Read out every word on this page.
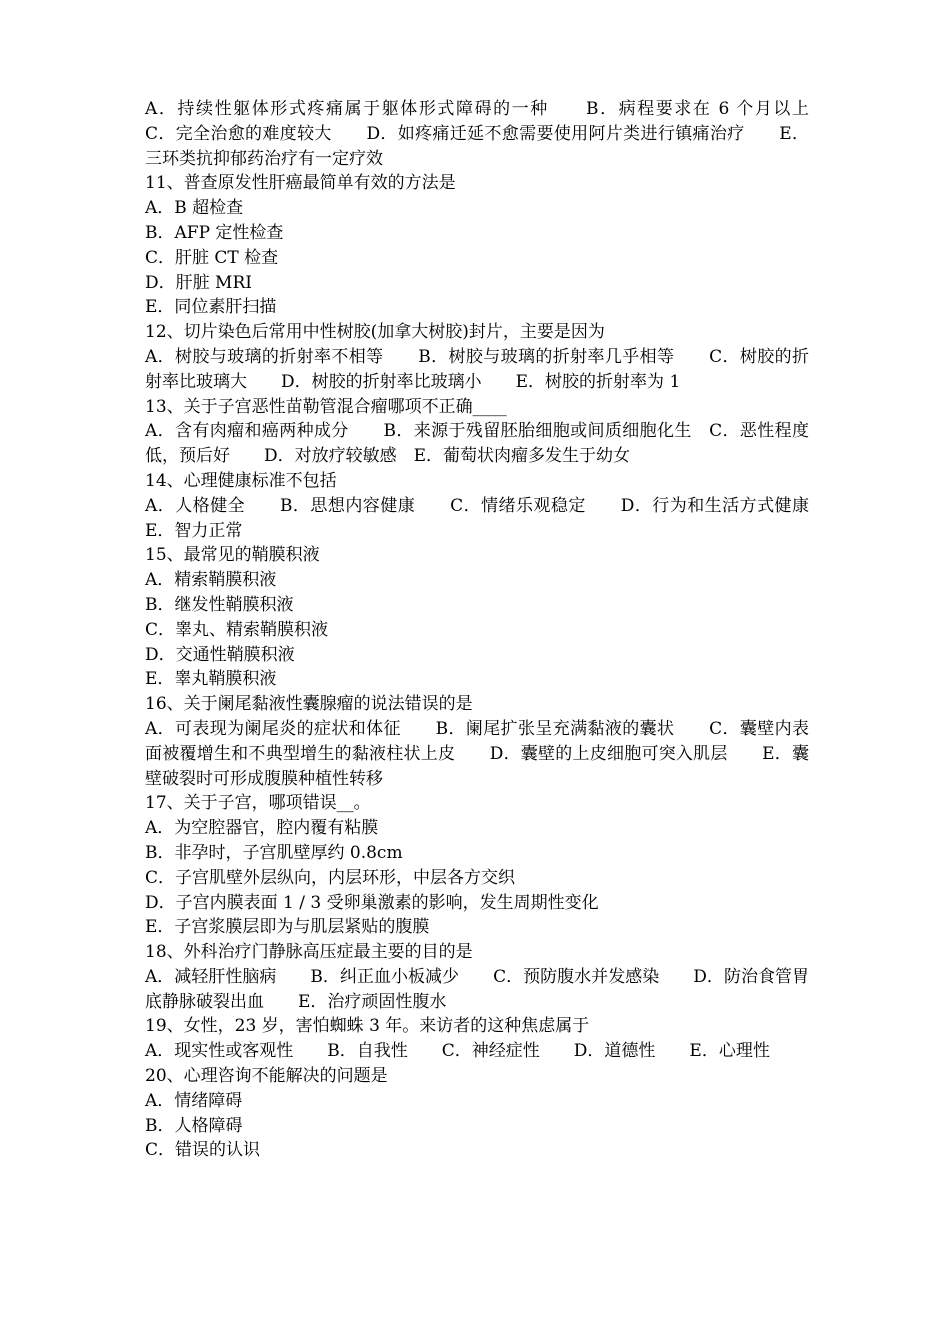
A．持续性躯体形式疼痛属于躯体形式障碍的一种　　B．病程要求在 6 个月以上　　C．完全治愈的难度较大　　D．如疼痛迁延不愈需要使用阿片类进行镇痛治疗　　E．三环类抗抑郁药治疗有一定疗效
11、普查原发性肝癌最简单有效的方法是
A．B 超检查
B．AFP 定性检查
C．肝脏 CT 检查
D．肝脏 MRI
E．同位素肝扫描
12、切片染色后常用中性树胶(加拿大树胶)封片，主要是因为
A．树胶与玻璃的折射率不相等　　B．树胶与玻璃的折射率几乎相等　　C．树胶的折射率比玻璃大　　D．树胶的折射率比玻璃小　　E．树胶的折射率为 1
13、关于子宫恶性苗勒管混合瘤哪项不正确____
A．含有肉瘤和癌两种成分　　B．来源于残留胚胎细胞或间质细胞化生　C．恶性程度低，预后好　　D．对放疗较敏感　E．葡萄状肉瘤多发生于幼女
14、心理健康标准不包括
A．人格健全　　B．思想内容健康　　C．情绪乐观稳定　　D．行为和生活方式健康　　E．智力正常
15、最常见的鞘膜积液
A．精索鞘膜积液
B．继发性鞘膜积液
C．睾丸、精索鞘膜积液
D．交通性鞘膜积液
E．睾丸鞘膜积液
16、关于阑尾黏液性囊腺瘤的说法错误的是
A．可表现为阑尾炎的症状和体征　　B．阑尾扩张呈充满黏液的囊状　　C．囊壁内表面被覆增生和不典型增生的黏液柱状上皮　　D．囊壁的上皮细胞可突入肌层　　E．囊壁破裂时可形成腹膜种植性转移
17、关于子宫，哪项错误__。
A．为空腔器官，腔内覆有粘膜
B．非孕时，子宫肌壁厚约 0.8cm
C．子宫肌壁外层纵向，内层环形，中层各方交织
D．子宫内膜表面 1 / 3 受卵巢激素的影响，发生周期性变化
E．子宫浆膜层即为与肌层紧贴的腹膜
18、外科治疗门静脉高压症最主要的目的是
A．减轻肝性脑病　　B．纠正血小板减少　　C．预防腹水并发感染　　D．防治食管胃底静脉破裂出血　　E．治疗顽固性腹水
19、女性，23 岁，害怕蜘蛛 3 年。来访者的这种焦虑属于
A．现实性或客观性　　B．自我性　　C．神经症性　　D．道德性　　E．心理性
20、心理咨询不能解决的问题是
A．情绪障碍
B．人格障碍
C．错误的认识
